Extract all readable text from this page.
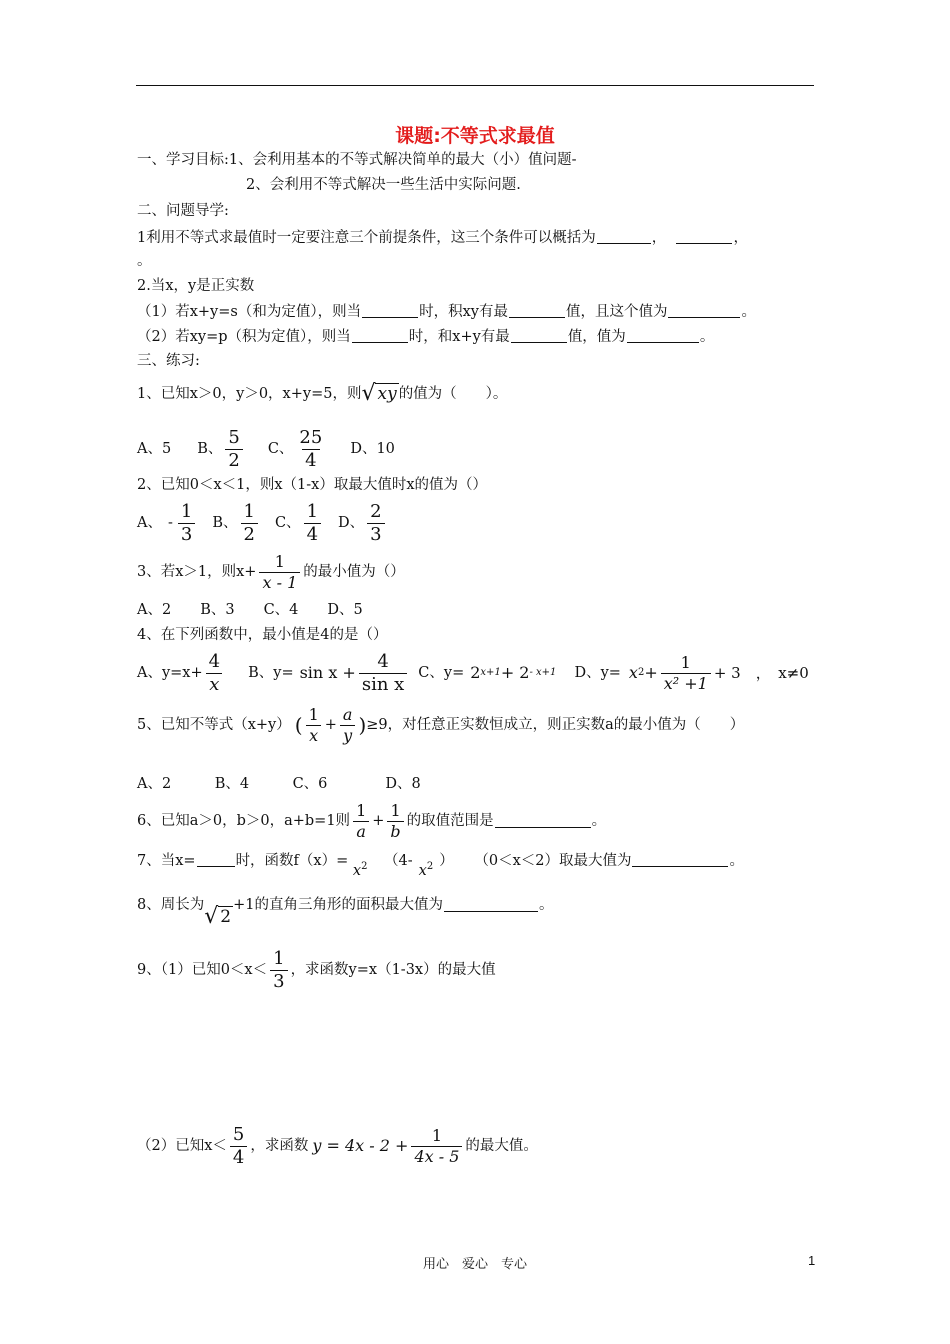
课题:不等式求最值
一、学习目标:1、会利用基本的不等式解决简单的最大（小）值问题-
2、会利用不等式解决一些生活中实际问题.
二、问题导学:
1利用不等式求最值时一定要注意三个前提条件，这三个条件可以概括为	，	，
。
2.当x，y是正实数
（1）若x+y=s（和为定值），则当	时，积xy有最	值，且这个值为	。
（2）若xy=p（积为定值），则当	时，和x+y有最	值，值为	。
三、练习:
1、已知x＞0，y＞0，x+y=5，则 √ xy 的值为（　　）。
A、5 B、
5
2
C、
25
4
D、10
2、已知0＜x＜1，则x（1-x）取最大值时x的值为（）
A、 -
1
3
B、
1
2
C、
1
4
D、
2
3
3、若x＞1，则$x+ \frac{1}{x - 1}$ 的最小值为（）
A、2　　B、3　　C、4　　D、5
4、在下列函数中，最小值是4的是（）
A、$y=x+ \frac{4}{x}$ B、$y= \sin x + \frac{4}{\text{sin x}}$ C、y= 2 x+1 + 2 - x+1 D、y= x $2 + \frac{1}{\text{x² +1}} + 3$　，　x≠0
5、已知不等式（x+y） ( 1
x
+ $\frac{a}{y}$ ) ≥9，对任意正实数恒成立，则正实数a的最小值为（　　）
A、2　　　B、4　　　C、6　　　　D、8
6、已知a＞0，b＞0，a+b=1则
1
a
+ $\frac{1}{b}$ 的取值范围是	。
7、当x=	时，函数$f(x)= x^2$ （$4-x^2$ ） （0＜x＜2）取最大值为	。
8、周长为 √ 2
+1的直角三角形的面积最大值为	。
9、（1）已知0＜x＜
1
3
，求函数y=x（1-3x）的最大值
（2）已知x＜
5
4
，求函数 $y = 4x - 2 + \frac{1}{4x - 5}$ 的最大值。
用心　爱心　专心	1
